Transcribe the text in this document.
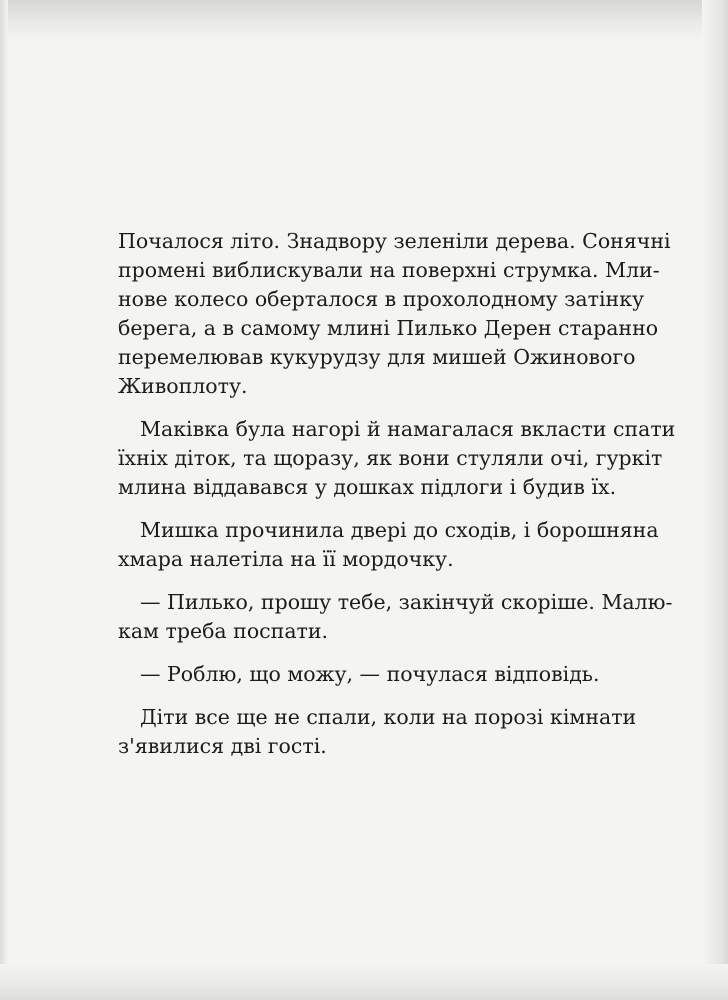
Почалося літо. Знадвору зеленіли дерева. Сонячні
промені виблискували на поверхні струмка. Мли-
нове колесо оберталося в прохолодному затінку
берега, а в самому млині Пилько Дерен старанно
перемелював кукурудзу для мишей Ожинового
Живоплоту.

Маківка була нагорі й намагалася вкласти спати
їхніх діток, та щоразу, як вони стуляли очі, гуркіт
млина віддавався у дошках підлоги і будив їх.

Мишка прочинила двері до сходів, і борошняна
хмара налетіла на її мордочку.

— Пилько, прошу тебе, закінчуй скоріше. Малю-
кам треба поспати.

— Роблю, що можу, — почулася відповідь.

Діти все ще не спали, коли на порозі кімнати
з'явилися дві гості.
